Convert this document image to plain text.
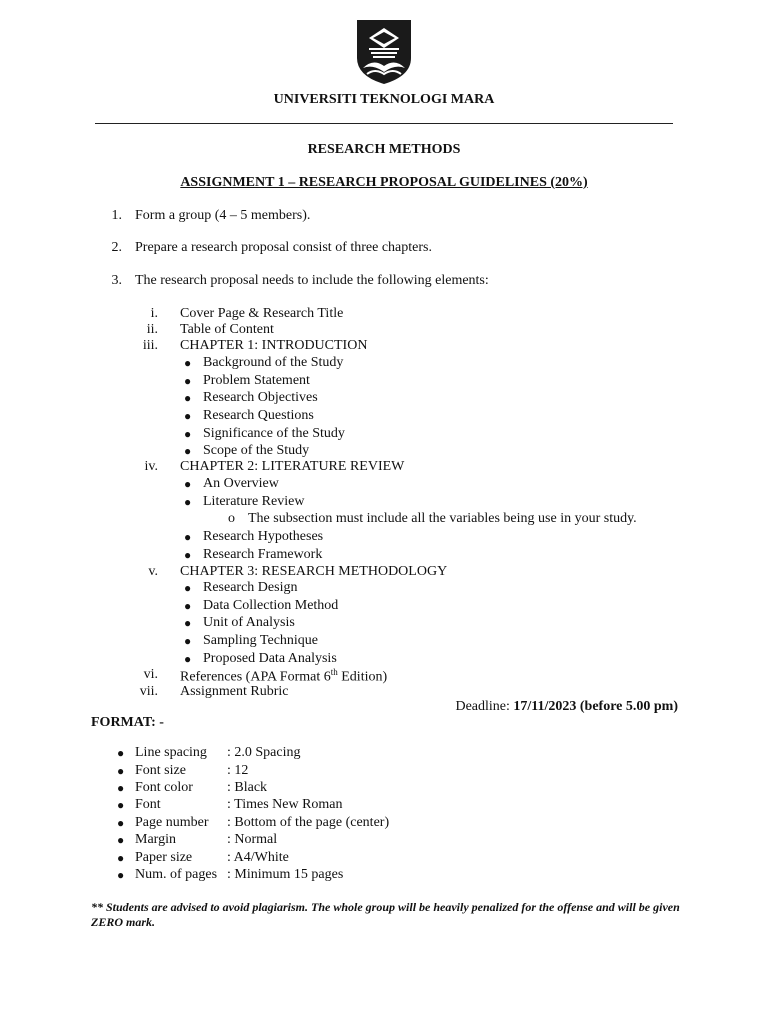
UNIVERSITI TEKNOLOGI MARA
RESEARCH METHODS
ASSIGNMENT 1 – RESEARCH PROPOSAL GUIDELINES (20%)
1. Form a group (4 – 5 members).
2. Prepare a research proposal consist of three chapters.
3. The research proposal needs to include the following elements:
i. Cover Page & Research Title
ii. Table of Content
iii. CHAPTER 1: INTRODUCTION
● Background of the Study
● Problem Statement
● Research Objectives
● Research Questions
● Significance of the Study
● Scope of the Study
iv. CHAPTER 2: LITERATURE REVIEW
● An Overview
● Literature Review
o The subsection must include all the variables being use in your study.
● Research Hypotheses
● Research Framework
v. CHAPTER 3: RESEARCH METHODOLOGY
● Research Design
● Data Collection Method
● Unit of Analysis
● Sampling Technique
● Proposed Data Analysis
vi. References (APA Format 6th Edition)
vii. Assignment Rubric
Deadline: 17/11/2023 (before 5.00 pm)
FORMAT: -
● Line spacing : 2.0 Spacing
● Font size	: 12
● Font color : Black
● Font	: Times New Roman
● Page number : Bottom of the page (center)
● Margin	: Normal
● Paper size : A4/White
● Num. of pages : Minimum 15 pages
** Students are advised to avoid plagiarism. The whole group will be heavily penalized for the offense and will be given ZERO mark.
